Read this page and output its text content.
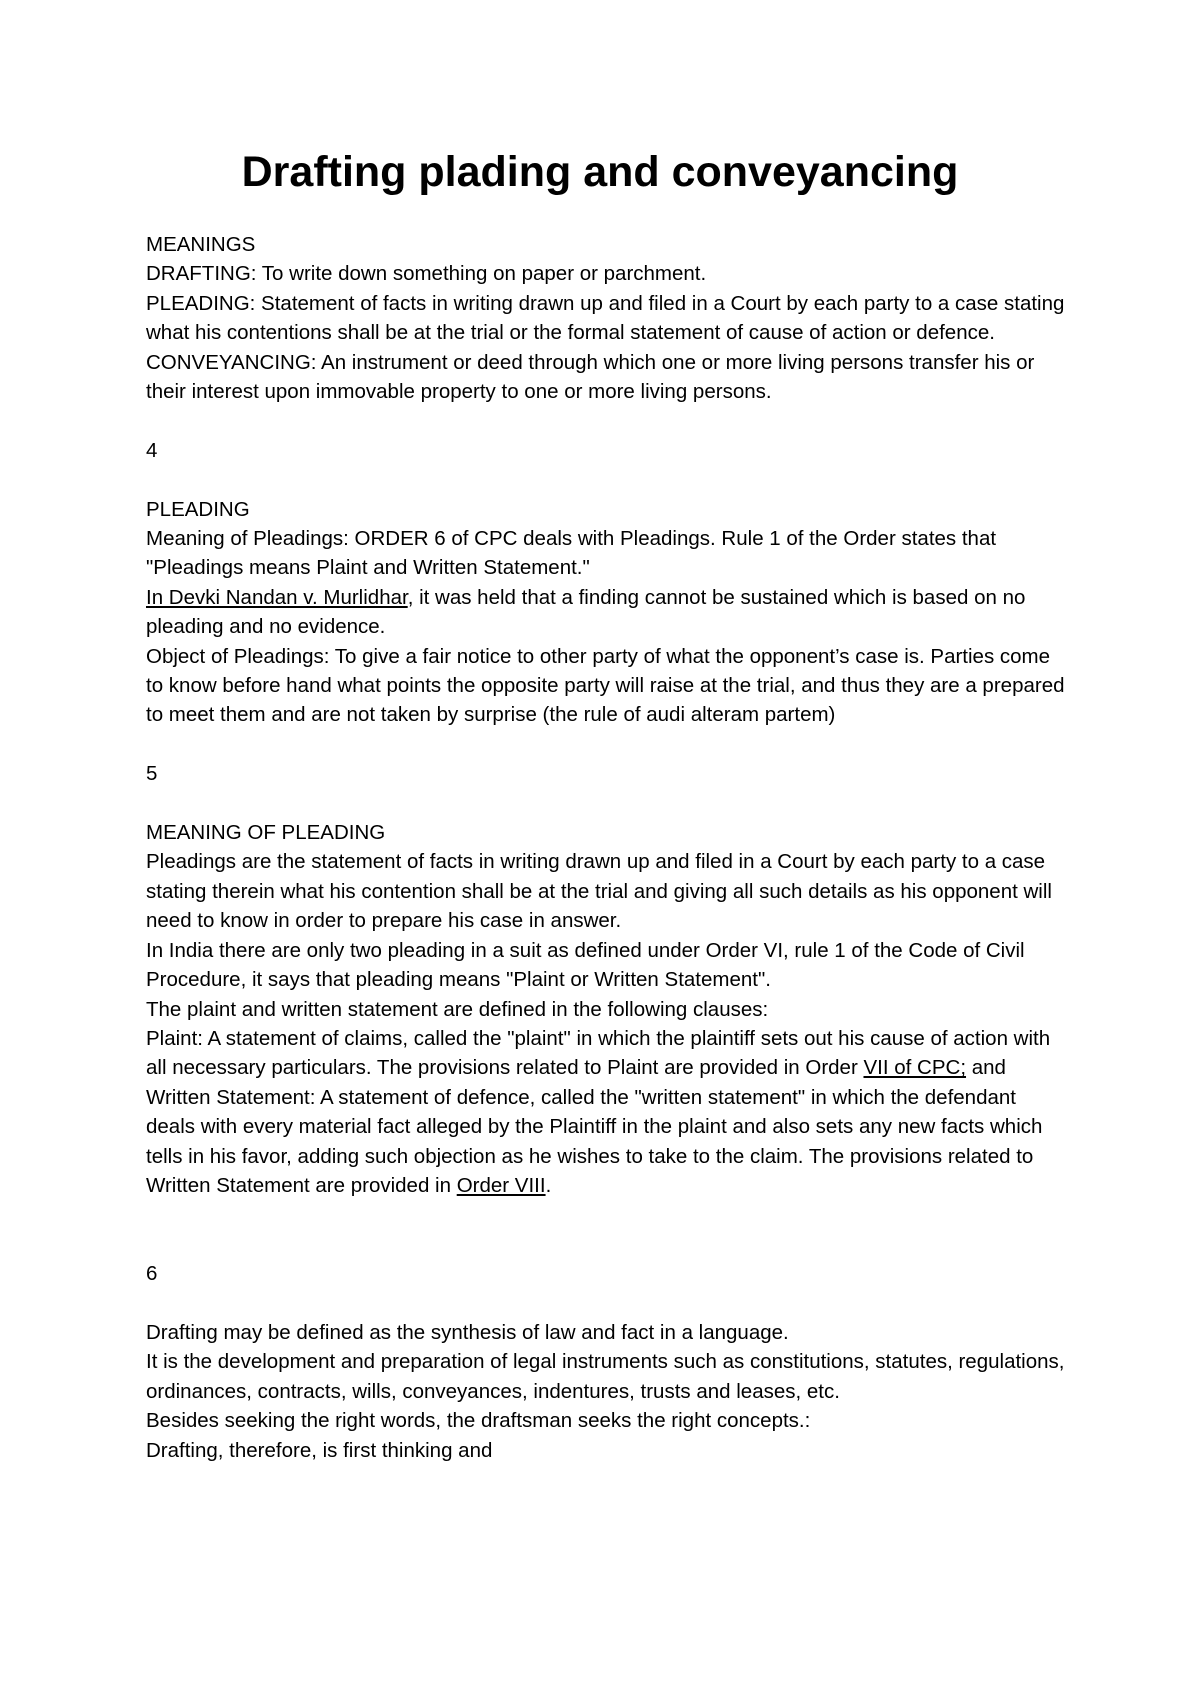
Drafting plading and conveyancing

MEANINGS

DRAFTING: To write down something on paper or parchment.

PLEADING: Statement of facts in writing drawn up and filed in a Court by each party to a case stating what his contentions shall be at the trial or the formal statement of cause of action or defence.

CONVEYANCING: An instrument or deed through which one or more living persons transfer his or their interest upon immovable property to one or more living persons.

4

PLEADING

Meaning of Pleadings: ORDER 6 of CPC deals with Pleadings. Rule 1 of the Order states that "Pleadings means Plaint and Written Statement."

In Devki Nandan v. Murlidhar, it was held that a finding cannot be sustained which is based on no pleading and no evidence.

Object of Pleadings: To give a fair notice to other party of what the opponent’s case is. Parties come to know before hand what points the opposite party will raise at the trial, and thus they are a prepared to meet them and are not taken by surprise (the rule of audi alteram partem)

5

MEANING OF PLEADING

Pleadings are the statement of facts in writing drawn up and filed in a Court by each party to a case stating therein what his contention shall be at the trial and giving all such details as his opponent will need to know in order to prepare his case in answer.

In India there are only two pleading in a suit as defined under Order VI, rule 1 of the Code of Civil Procedure, it says that pleading means "Plaint or Written Statement".

The plaint and written statement are defined in the following clauses:

Plaint: A statement of claims, called the "plaint" in which the plaintiff sets out his cause of action with all necessary particulars. The provisions related to Plaint are provided in Order VII of CPC; and

Written Statement: A statement of defence, called the "written statement" in which the defendant deals with every material fact alleged by the Plaintiff in the plaint and also sets any new facts which tells in his favor, adding such objection as he wishes to take to the claim. The provisions related to Written Statement are provided in Order VIII.

6

Drafting may be defined as the synthesis of law and fact in a language.

It is the development and preparation of legal instruments such as constitutions, statutes, regulations, ordinances, contracts, wills, conveyances, indentures, trusts and leases, etc.

Besides seeking the right words, the draftsman seeks the right concepts.:

Drafting, therefore, is first thinking and
